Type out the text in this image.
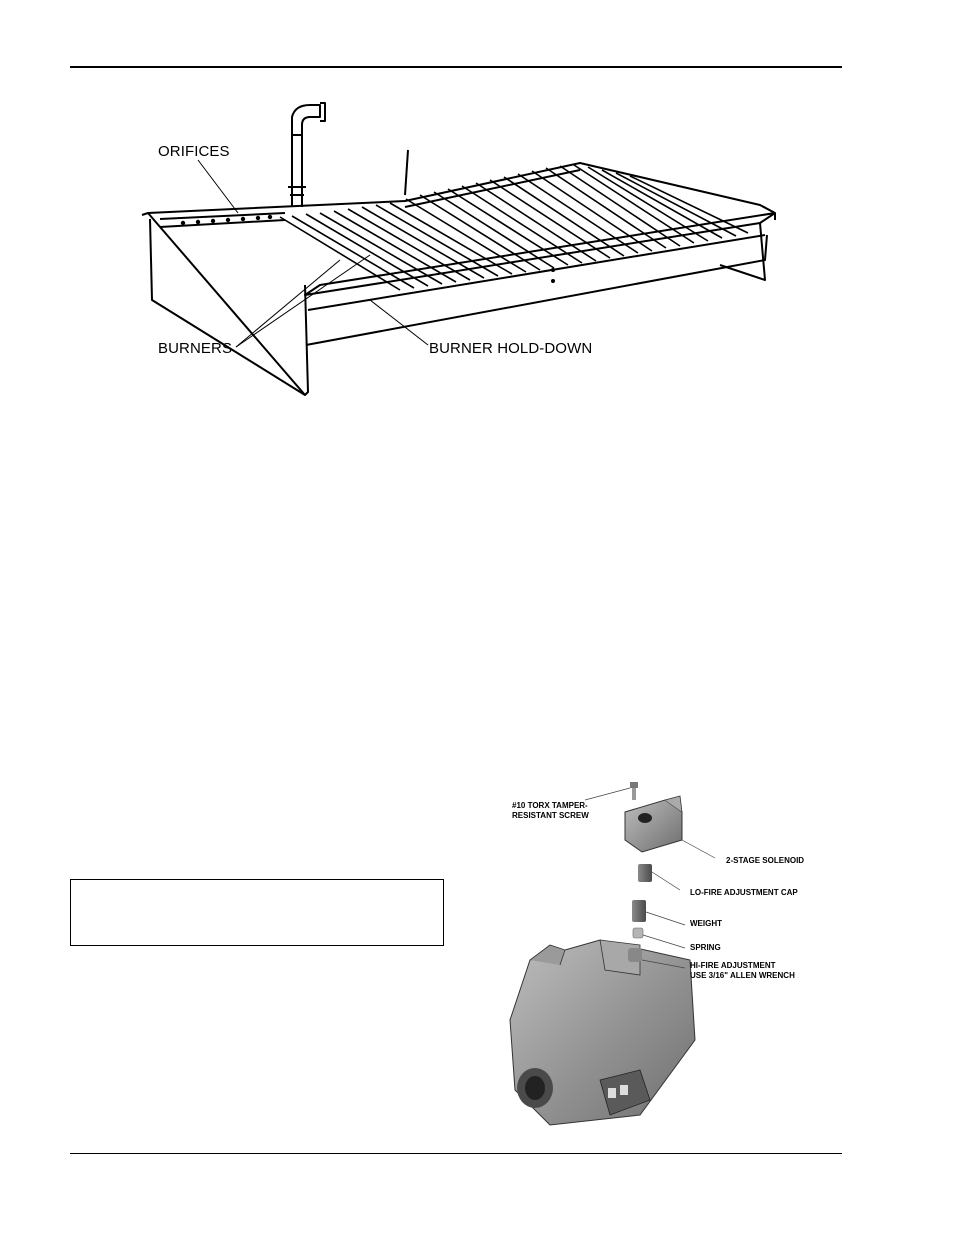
ORIFICES
BURNERS	BURNER HOLD-DOWN
#10 TORX TAMPER-
RESISTANT SCREW
2-STAGE SOLENOID
LO-FIRE ADJUSTMENT CAP
WEIGHT
SPRING
HI-FIRE ADJUSTMENT
USE 3/16" ALLEN WRENCH
